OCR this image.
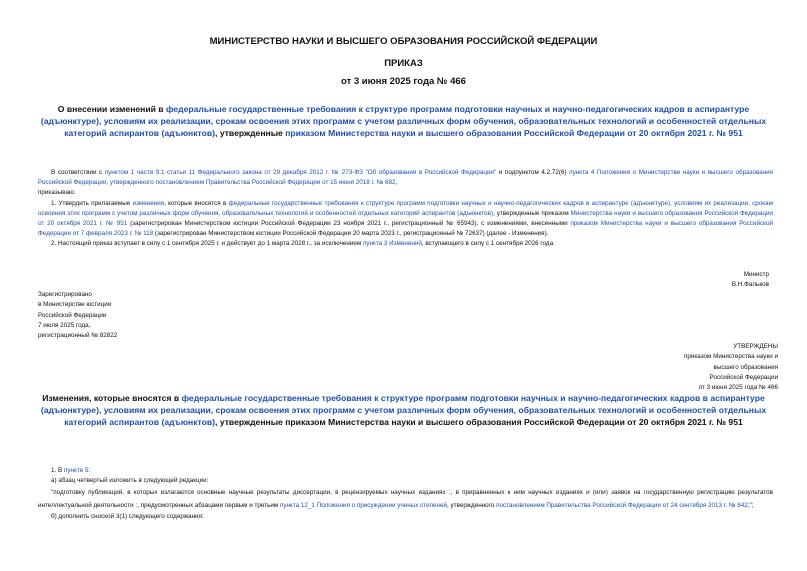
МИНИСТЕРСТВО НАУКИ И ВЫСШЕГО ОБРАЗОВАНИЯ РОССИЙСКОЙ ФЕДЕРАЦИИ
ПРИКАЗ
от 3 июня 2025 года № 466
О внесении изменений в федеральные государственные требования к структуре программ подготовки научных и научно-педагогических кадров в аспирантуре (адъюнктуре), условиям их реализации, срокам освоения этих программ с учетом различных форм обучения, образовательных технологий и особенностей отдельных категорий аспирантов (адъюнктов), утвержденные приказом Министерства науки и высшего образования Российской Федерации от 20 октября 2021 г. № 951

В соответствии с пунктом 1 части 9.1 статьи 11 Федерального закона от 29 декабря 2012 г. № 273-ФЗ "Об образовании в Российской Федерации" и подпунктом 4.2.72(6) пункта 4 Положения о Министерстве науки и высшего образования Российской Федерации, утвержденного постановлением Правительства Российской Федерации от 15 июня 2018 г. № 682,

приказываю:

1. Утвердить прилагаемые изменения, которые вносятся в федеральные государственные требования к структуре программ подготовки научных и научно-педагогических кадров в аспирантуре (адъюнктуре), условиям их реализации, срокам освоения этих программ с учетом различных форм обучения, образовательных технологий и особенностей отдельных категорий аспирантов (адъюнктов), утвержденные приказом Министерства науки и высшего образования Российской Федерации от 20 октября 2021 г. № 951 (зарегистрирован Министерством юстиции Российской Федерации 23 ноября 2021 г., регистрационный № 65943), с изменениями, внесенными приказом Министерства науки и высшего образования Российской Федерации от 7 февраля 2023 г. № 118 (зарегистрирован Министерством юстиции Российской Федерации 20 марта 2023 г., регистрационный № 72637) (далее - Изменения).

2. Настоящий приказ вступает в силу с 1 сентября 2025 г. и действует до 1 марта 2028 г., за исключением пункта 3 Изменений, вступающего в силу с 1 сентября 2026 года.

Министр
В.Н.Фальков
Зарегистрировано
в Министерстве юстиции
Российской Федерации
7 июля 2025 года,
регистрационный № 82822
УТВЕРЖДЕНЫ
приказом Министерства науки и
высшего образования
Российской Федерации
от 3 июня 2025 года № 466
Изменения, которые вносятся в федеральные государственные требования к структуре программ подготовки научных и научно-педагогических кадров в аспирантуре (адъюнктуре), условиям их реализации, срокам освоения этих программ с учетом различных форм обучения, образовательных технологий и особенностей отдельных категорий аспирантов (адъюнктов), утвержденные приказом Министерства науки и высшего образования Российской Федерации от 20 октября 2021 г. № 951

1. В пункте 5:

а) абзац четвертый изложить в следующей редакции:

"подготовку публикаций, в которых излагаются основные научные результаты диссертации, в рецензируемых научных изданиях :, в приравненных к ним научных изданиях и (или) заявок на государственную регистрацию результатов интеллектуальной деятельности :, предусмотренных абзацами первым и третьим пункта 12_1 Положения о присуждении ученых степеней, утвержденного постановлением Правительства Российской Федерации от 24 сентября 2013 г. № 842;";

б) дополнить сноской 3(1) следующего содержания:
